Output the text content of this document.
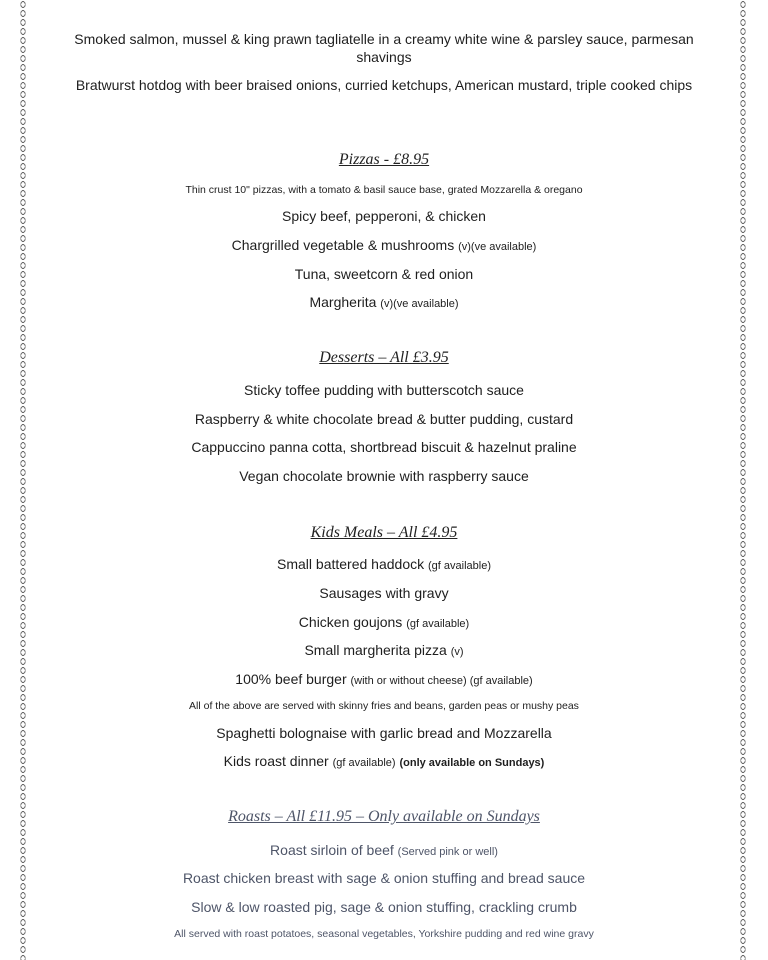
Smoked salmon, mussel & king prawn tagliatelle in a creamy white wine & parsley sauce, parmesan shavings
Bratwurst hotdog with beer braised onions, curried ketchups, American mustard, triple cooked chips
Pizzas - £8.95
Thin crust 10" pizzas, with a tomato & basil sauce base, grated Mozzarella & oregano
Spicy beef, pepperoni, & chicken
Chargrilled vegetable & mushrooms (v)(ve available)
Tuna, sweetcorn & red onion
Margherita (v)(ve available)
Desserts – All £3.95
Sticky toffee pudding with butterscotch sauce
Raspberry & white chocolate bread & butter pudding, custard
Cappuccino panna cotta, shortbread biscuit & hazelnut praline
Vegan chocolate brownie with raspberry sauce
Kids Meals – All £4.95
Small battered haddock (gf available)
Sausages with gravy
Chicken goujons (gf available)
Small margherita pizza (v)
100% beef burger (with or without cheese) (gf available)
All of the above are served with skinny fries and beans, garden peas or mushy peas
Spaghetti bolognaise with garlic bread and Mozzarella
Kids roast dinner (gf available) (only available on Sundays)
Roasts – All £11.95 – Only available on Sundays
Roast sirloin of beef (Served pink or well)
Roast chicken breast with sage & onion stuffing and bread sauce
Slow & low roasted pig, sage & onion stuffing, crackling crumb
All served with roast potatoes, seasonal vegetables, Yorkshire pudding and red wine gravy
